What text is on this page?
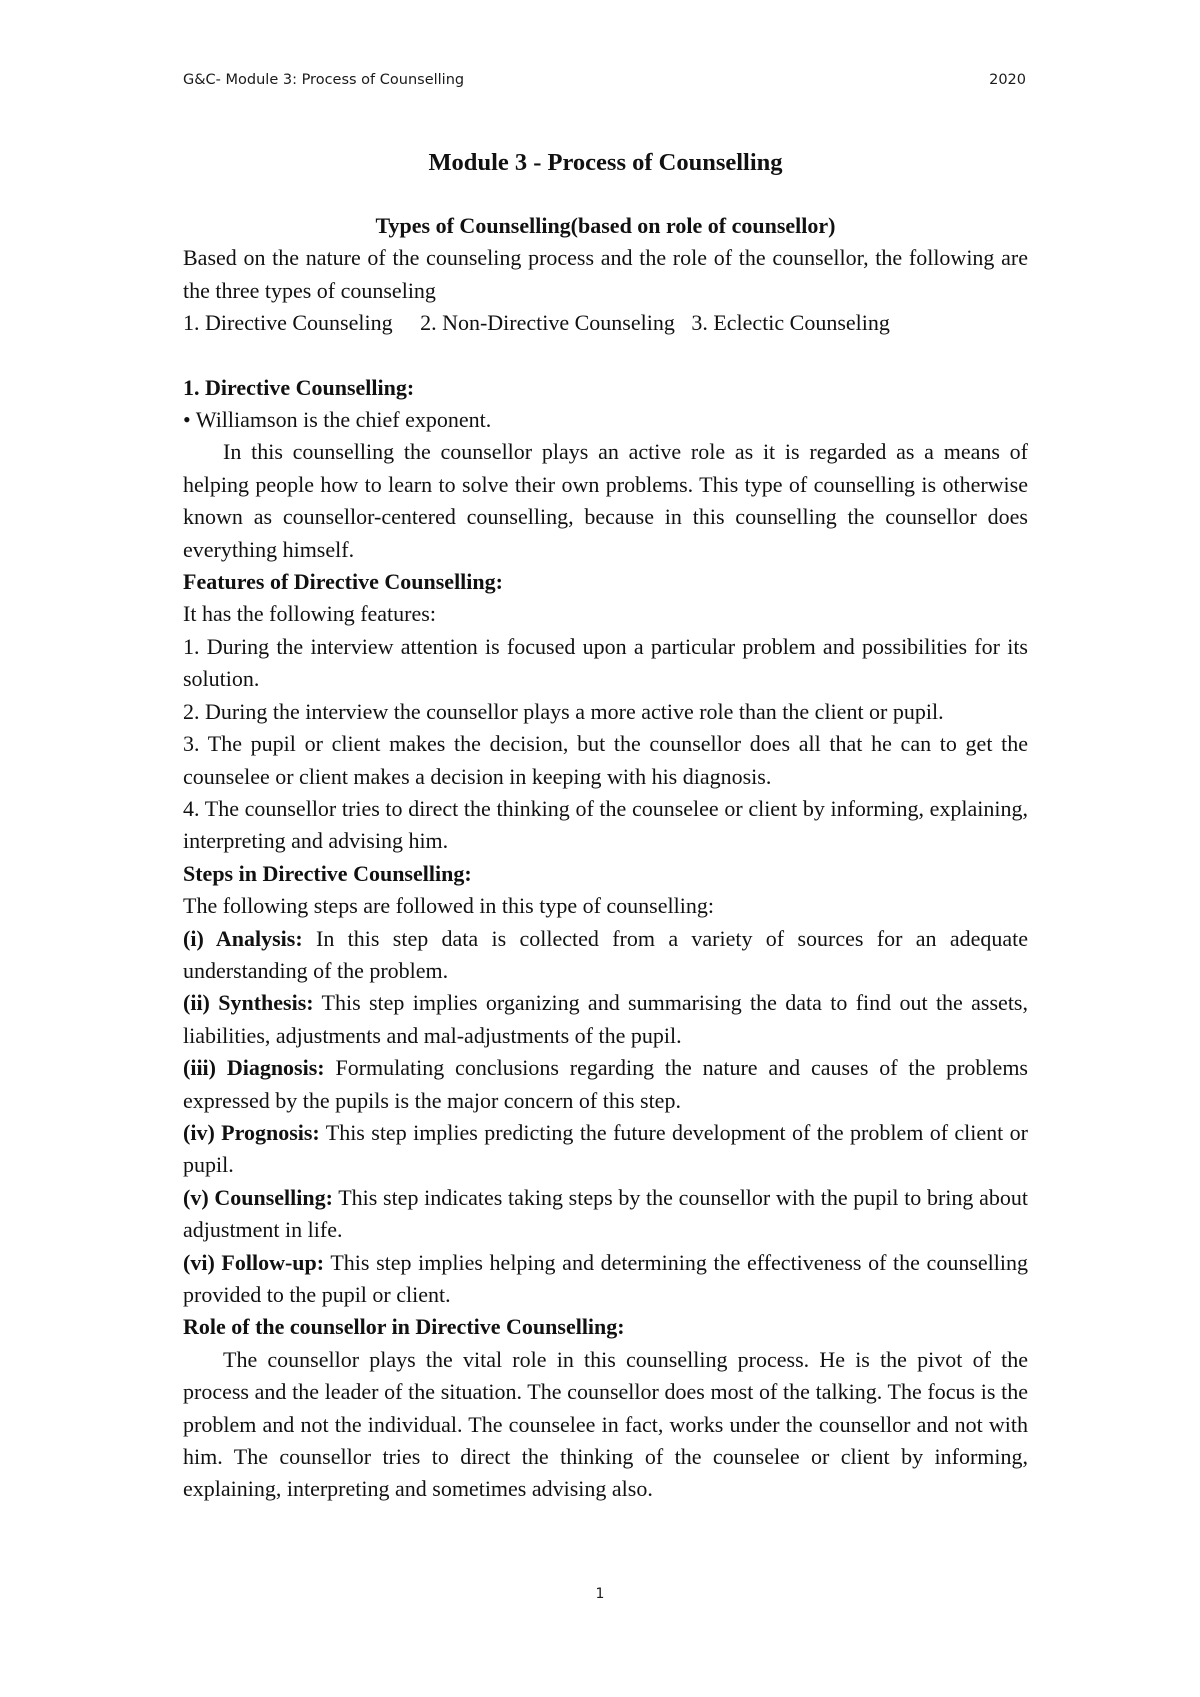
G&C- Module 3: Process of Counselling	2020
Module 3 - Process of Counselling
Types of Counselling(based on role of counsellor)

Based on the nature of the counseling process and the role of the counsellor, the following are the three types of counseling

1. Directive Counseling     2. Non-Directive Counseling   3. Eclectic Counseling

1. Directive Counselling:

• Williamson is the chief exponent.

In this counselling the counsellor plays an active role as it is regarded as a means of helping people how to learn to solve their own problems. This type of counselling is otherwise known as counsellor-centered counselling, because in this counselling the counsellor does everything himself.

Features of Directive Counselling:

It has the following features:

1. During the interview attention is focused upon a particular problem and possibilities for its solution.

2. During the interview the counsellor plays a more active role than the client or pupil.

3. The pupil or client makes the decision, but the counsellor does all that he can to get the counselee or client makes a decision in keeping with his diagnosis.

4. The counsellor tries to direct the thinking of the counselee or client by informing, explaining, interpreting and advising him.

Steps in Directive Counselling:

The following steps are followed in this type of counselling:

(i) Analysis: In this step data is collected from a variety of sources for an adequate understanding of the problem.

(ii) Synthesis: This step implies organizing and summarising the data to find out the assets, liabilities, adjustments and mal-adjustments of the pupil.

(iii) Diagnosis: Formulating conclusions regarding the nature and causes of the problems expressed by the pupils is the major concern of this step.

(iv) Prognosis: This step implies predicting the future development of the problem of client or pupil.

(v) Counselling: This step indicates taking steps by the counsellor with the pupil to bring about adjustment in life.

(vi) Follow-up: This step implies helping and determining the effectiveness of the counselling provided to the pupil or client.

Role of the counsellor in Directive Counselling:

The counsellor plays the vital role in this counselling process. He is the pivot of the process and the leader of the situation. The counsellor does most of the talking. The focus is the problem and not the individual. The counselee in fact, works under the counsellor and not with him. The counsellor tries to direct the thinking of the counselee or client by informing, explaining, interpreting and sometimes advising also.

1
